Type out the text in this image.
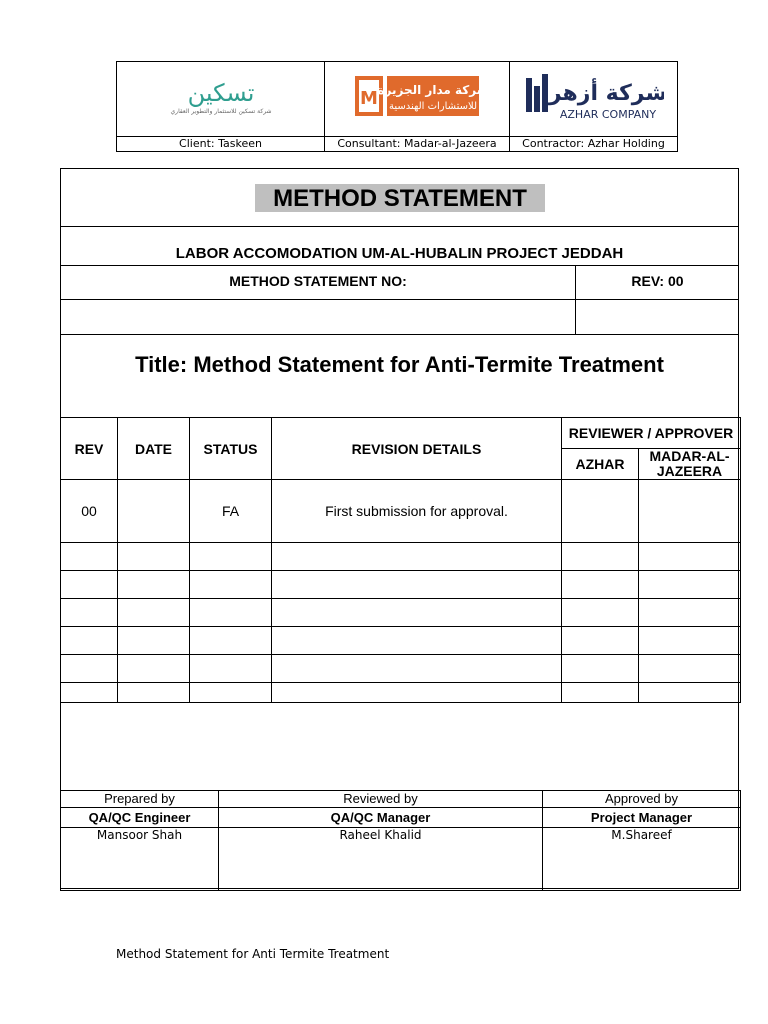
تسكين
شركة تسكين للاستثمار والتطوير العقاري	M شركة مدار الجزيرة
للاستشارات الهندسية	شركة أزهر
AZHAR COMPANY

Client: Taskeen	Consultant: Madar-al-Jazeera	Contractor: Azhar Holding
METHOD STATEMENT
LABOR ACCOMODATION UM-AL-HUBALIN PROJECT JEDDAH
METHOD STATEMENT NO:	REV: 00
Title: Method Statement for Anti-Termite Treatment
REV	DATE	STATUS	REVISION DETAILS	REVIEWER / APPROVER	
				AZHAR	MADAR-AL-JAZEERA
00		FA	First submission for approval.		

Prepared by	Reviewed by	Approved by
QA/QC Engineer	QA/QC Manager	Project Manager
Mansoor Shah	Raheel Khalid	M.Shareef
Method Statement for Anti Termite Treatment
